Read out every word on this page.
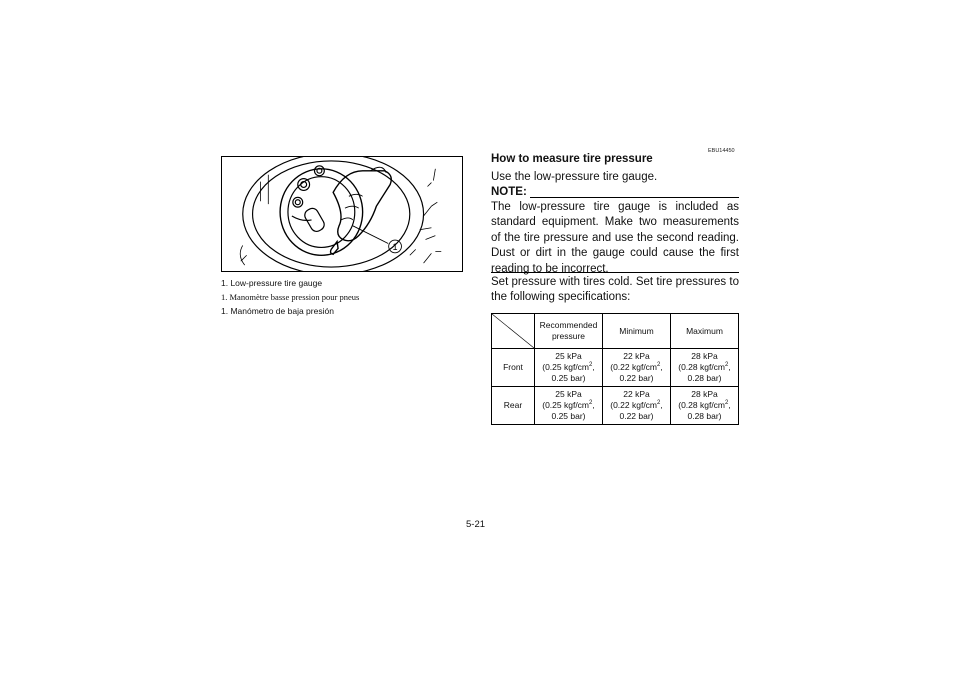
1

1. Low-pressure tire gauge

1. Manomètre basse pression pour pneus

1. Manómetro de baja presión

EBU14450
How to measure tire pressure

Use the low-pressure tire gauge.

NOTE:

The low-pressure tire gauge is included as standard equipment. Make two measurements of the tire pressure and use the second reading. Dust or dirt in the gauge could cause the first reading to be incorrect.

Set pressure with tires cold. Set tire pressures to the following specifications:

	Recommended pressure	Minimum	Maximum
Front	25 kPa
(0.25 kgf/$cm^2$,
0.25 bar)	22 kPa
(0.22 kgf/$cm^2$,
0.22 bar)	28 kPa
(0.28 kgf/$cm^2$,
0.28 bar)
Rear	25 kPa
(0.25 kgf/$cm^2$,
0.25 bar)	22 kPa
(0.22 kgf/$cm^2$,
0.22 bar)	28 kPa
(0.28 kgf/$cm^2$,
0.28 bar)
5-21
